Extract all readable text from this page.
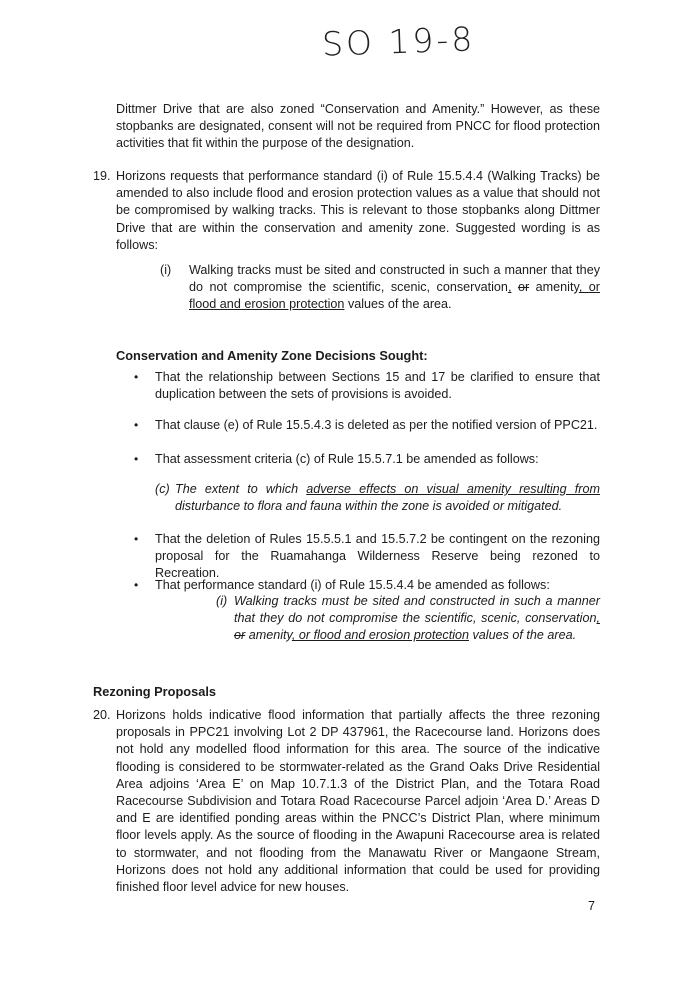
SO 19-8
Dittmer Drive that are also zoned “Conservation and Amenity.” However, as these stopbanks are designated, consent will not be required from PNCC for flood protection activities that fit within the purpose of the designation.
19. Horizons requests that performance standard (i) of Rule 15.5.4.4 (Walking Tracks) be amended to also include flood and erosion protection values as a value that should not be compromised by walking tracks. This is relevant to those stopbanks along Dittmer Drive that are within the conservation and amenity zone. Suggested wording is as follows:
(i) Walking tracks must be sited and constructed in such a manner that they do not compromise the scientific, scenic, conservation, or amenity, or flood and erosion protection values of the area.
Conservation and Amenity Zone Decisions Sought:
• That the relationship between Sections 15 and 17 be clarified to ensure that duplication between the sets of provisions is avoided.
• That clause (e) of Rule 15.5.4.3 is deleted as per the notified version of PPC21.
• That assessment criteria (c) of Rule 15.5.7.1 be amended as follows:
(c) The extent to which adverse effects on visual amenity resulting from disturbance to flora and fauna within the zone is avoided or mitigated.
• That the deletion of Rules 15.5.5.1 and 15.5.7.2 be contingent on the rezoning proposal for the Ruamahanga Wilderness Reserve being rezoned to Recreation.
• That performance standard (i) of Rule 15.5.4.4 be amended as follows:
(i) Walking tracks must be sited and constructed in such a manner that they do not compromise the scientific, scenic, conservation, or amenity, or flood and erosion protection values of the area.
Rezoning Proposals
20. Horizons holds indicative flood information that partially affects the three rezoning proposals in PPC21 involving Lot 2 DP 437961, the Racecourse land. Horizons does not hold any modelled flood information for this area. The source of the indicative flooding is considered to be stormwater-related as the Grand Oaks Drive Residential Area adjoins ‘Area E’ on Map 10.7.1.3 of the District Plan, and the Totara Road Racecourse Subdivision and Totara Road Racecourse Parcel adjoin ‘Area D.’ Areas D and E are identified ponding areas within the PNCC’s District Plan, where minimum floor levels apply. As the source of flooding in the Awapuni Racecourse area is related to stormwater, and not flooding from the Manawatu River or Mangaone Stream, Horizons does not hold any additional information that could be used for providing finished floor level advice for new houses.
7
